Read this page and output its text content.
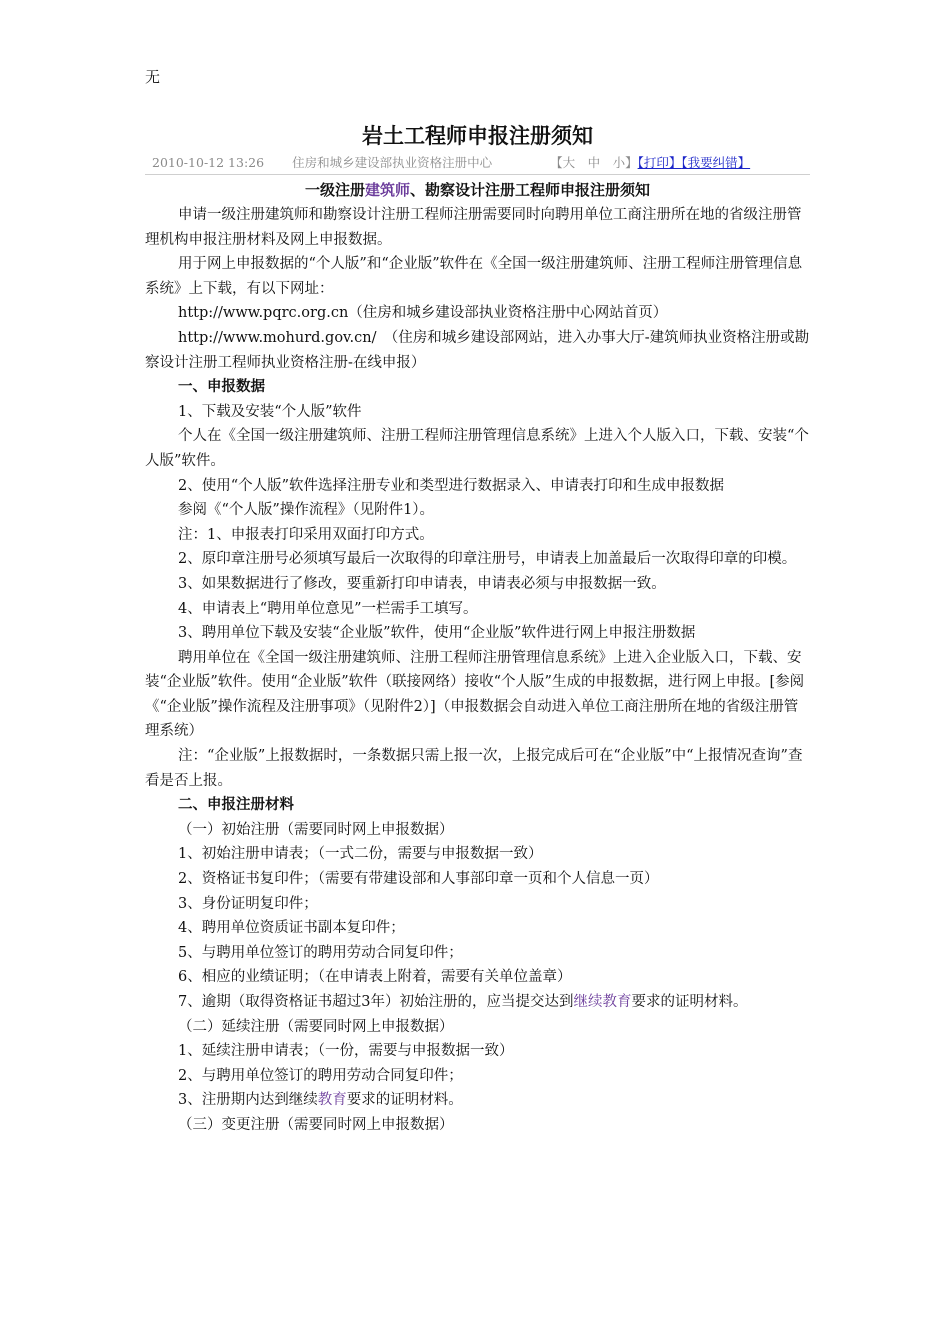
无
岩土工程师申报注册须知
2010-10-12 13:26 住房和城乡建设部执业资格注册中心	【大　中　小】【打印】【我要纠错】
一级注册建筑师、勘察设计注册工程师申报注册须知

申请一级注册建筑师和勘察设计注册工程师注册需要同时向聘用单位工商注册所在地的省级注册管理机构申报注册材料及网上申报数据。

用于网上申报数据的“个人版”和“企业版”软件在《全国一级注册建筑师、注册工程师注册管理信息系统》上下载，有以下网址：

http://www.pqrc.org.cn（住房和城乡建设部执业资格注册中心网站首页）

http://www.mohurd.gov.cn/　（住房和城乡建设部网站，进入办事大厅-建筑师执业资格注册或勘察设计注册工程师执业资格注册-在线申报）

一、申报数据

1、下载及安装“个人版”软件

个人在《全国一级注册建筑师、注册工程师注册管理信息系统》上进入个人版入口，下载、安装“个人版”软件。

2、使用“个人版”软件选择注册专业和类型进行数据录入、申请表打印和生成申报数据

参阅《“个人版”操作流程》（见附件1）。

注：1、申报表打印采用双面打印方式。

2、原印章注册号必须填写最后一次取得的印章注册号，申请表上加盖最后一次取得印章的印模。

3、如果数据进行了修改，要重新打印申请表，申请表必须与申报数据一致。

4、申请表上“聘用单位意见”一栏需手工填写。

3、聘用单位下载及安装“企业版”软件，使用“企业版”软件进行网上申报注册数据

聘用单位在《全国一级注册建筑师、注册工程师注册管理信息系统》上进入企业版入口，下载、安装“企业版”软件。使用“企业版”软件（联接网络）接收“个人版”生成的申报数据，进行网上申报。[参阅《“企业版”操作流程及注册事项》（见附件2）]（申报数据会自动进入单位工商注册所在地的省级注册管理系统）

注：“企业版”上报数据时，一条数据只需上报一次，上报完成后可在“企业版”中“上报情况查询”查看是否上报。

二、申报注册材料

（一）初始注册（需要同时网上申报数据）

1、初始注册申请表；（一式二份，需要与申报数据一致）

2、资格证书复印件；（需要有带建设部和人事部印章一页和个人信息一页）

3、身份证明复印件；

4、聘用单位资质证书副本复印件；

5、与聘用单位签订的聘用劳动合同复印件；

6、相应的业绩证明；（在申请表上附着，需要有关单位盖章）

7、逾期（取得资格证书超过3年）初始注册的，应当提交达到继续教育要求的证明材料。

（二）延续注册（需要同时网上申报数据）

1、延续注册申请表；（一份，需要与申报数据一致）

2、与聘用单位签订的聘用劳动合同复印件；

3、注册期内达到继续教育要求的证明材料。

（三）变更注册（需要同时网上申报数据）
